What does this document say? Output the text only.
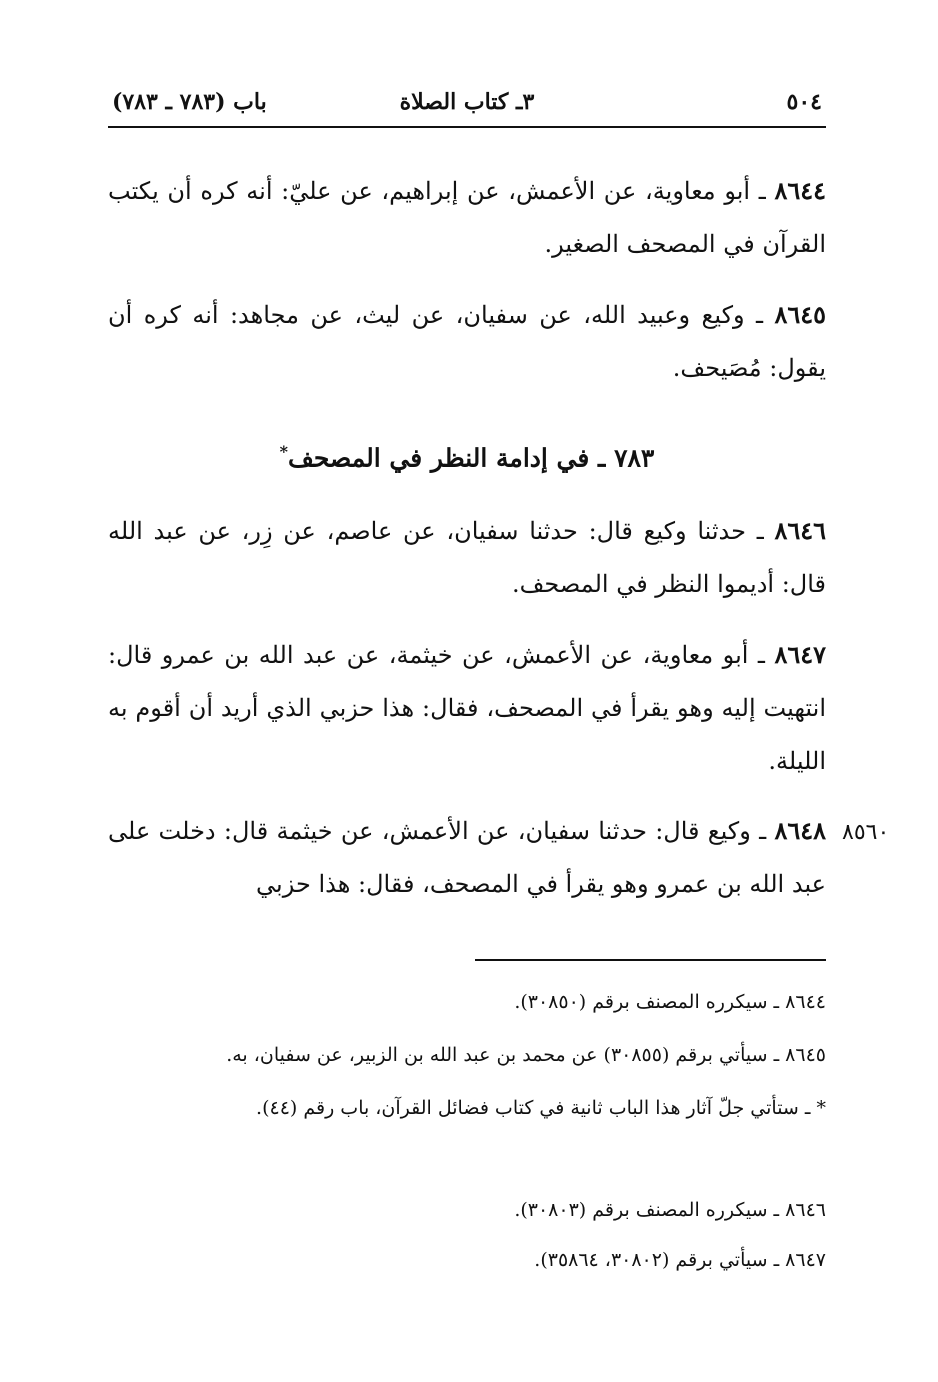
٥٠٤
٣ـ كتاب الصلاة
باب (٧٨٣ ـ ٧٨٣)
٨٦٤٤ ـ أبو معاوية، عن الأعمش، عن إبراهيم، عن عليّ: أنه كره أن يكتب القرآن في المصحف الصغير.
٨٦٤٥ ـ وكيع وعبيد الله، عن سفيان، عن ليث، عن مجاهد: أنه كره أن يقول: مُصَيحف.
٧٨٣ ـ في إدامة النظر في المصحف*
٨٦٤٦ ـ حدثنا وكيع قال: حدثنا سفيان، عن عاصم، عن زِر، عن عبد الله قال: أديموا النظر في المصحف.
٨٦٤٧ ـ أبو معاوية، عن الأعمش، عن خيثمة، عن عبد الله بن عمرو قال: انتهيت إليه وهو يقرأ في المصحف، فقال: هذا حزبي الذي أريد أن أقوم به الليلة.
٨٦٤٨ ـ وكيع قال: حدثنا سفيان، عن الأعمش، عن خيثمة قال: دخلت على عبد الله بن عمرو وهو يقرأ في المصحف، فقال: هذا حزبي
٨٥٦٠
٨٦٤٤ ـ سيكرره المصنف برقم (٣٠٨٥٠).
٨٦٤٥ ـ سيأتي برقم (٣٠٨٥٥) عن محمد بن عبد الله بن الزبير، عن سفيان، به.
* ـ ستأتي جلّ آثار هذا الباب ثانية في كتاب فضائل القرآن، باب رقم (٤٤).
٨٦٤٦ ـ سيكرره المصنف برقم (٣٠٨٠٣).
٨٦٤٧ ـ سيأتي برقم (٣٠٨٠٢، ٣٥٨٦٤).
